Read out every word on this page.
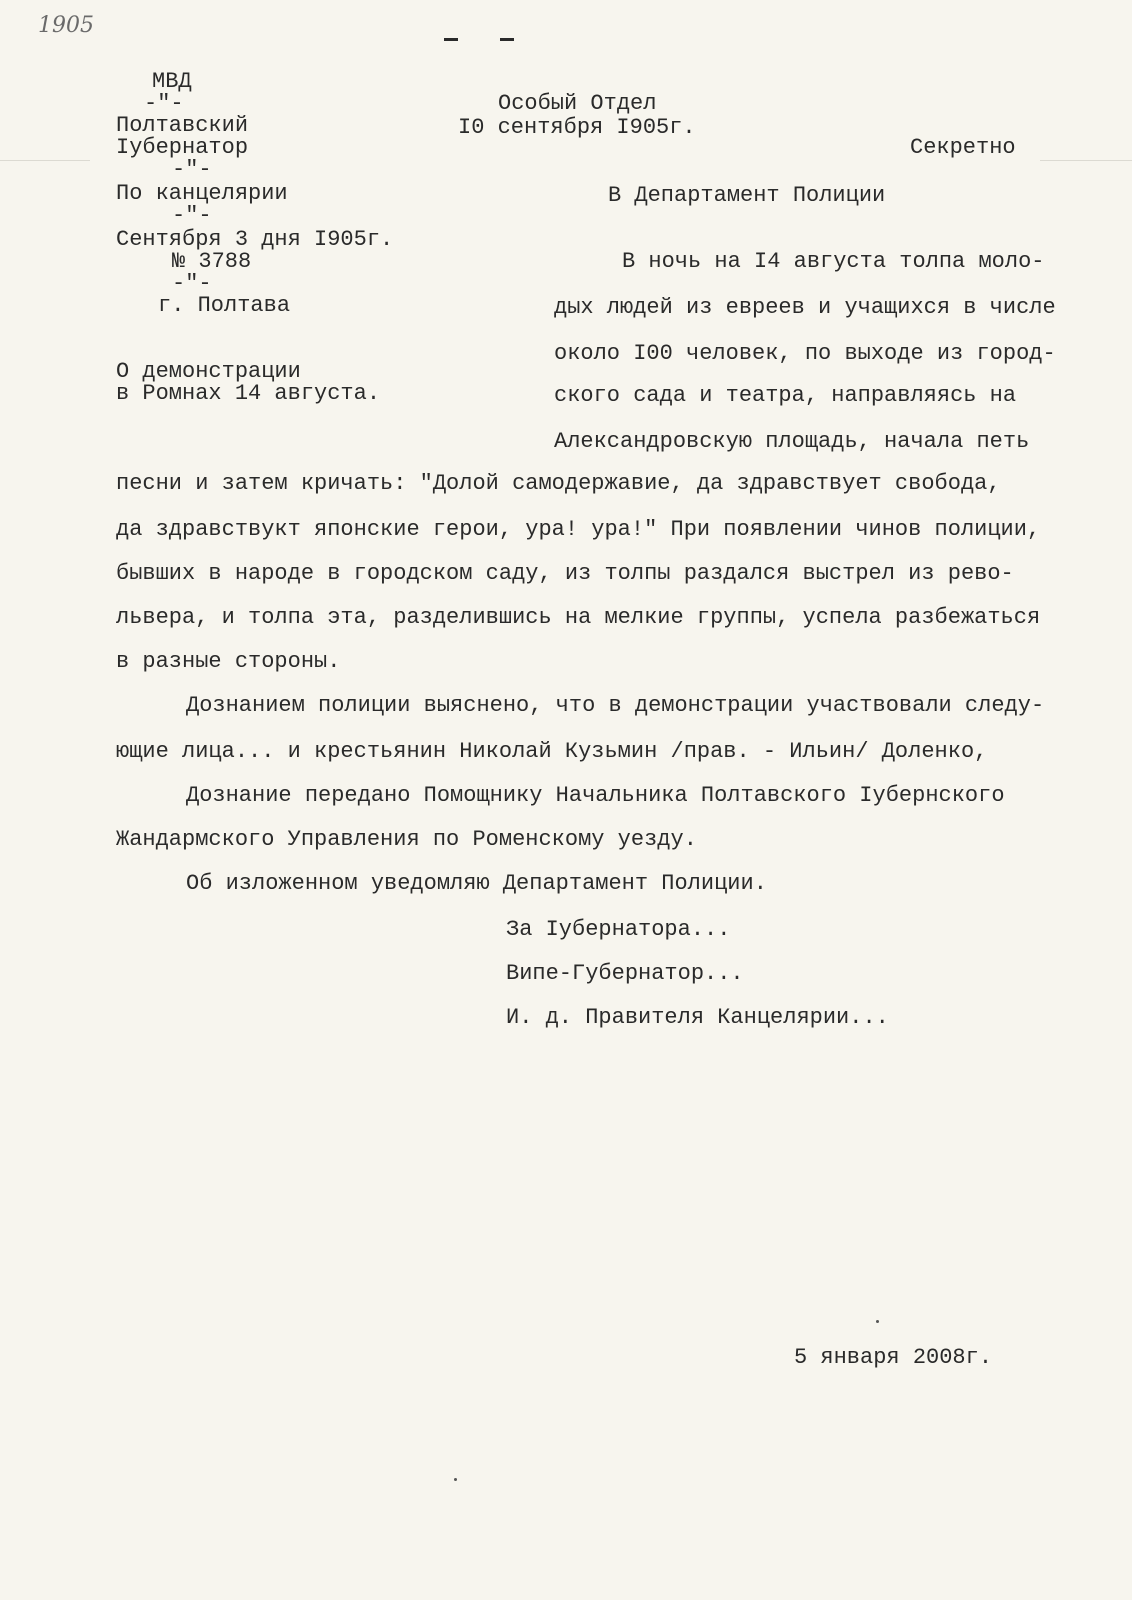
1905
МВД
-"-
Полтавский
Iубернатор
-"-
По канцелярии
-"-
Сентября 3 дня I905г.
№ 3788
-"-
г. Полтава
О демонстрации
в Ромнах 14 августа.
Особый Отдел
I0 сентября I905г.
Секретно
В Департамент Полиции
В ночь на I4 августа толпа моло-
дых людей из евреев и учащихся в числе
около I00 человек, по выходе из город-
ского сада и театра, направляясь на
Александровскую площадь, начала петь
песни и затем кричать: "Долой самодержавие, да здравствует свобода,
да здравствукт японские герои, ура! ура!" При появлении чинов полиции,
бывших в народе в городском саду, из толпы раздался выстрел из рево-
львера, и толпа эта, разделившись на мелкие группы, успела разбежаться
в разные стороны.
Дознанием полиции выяснено, что в демонстрации участвовали следу-
ющие лица... и крестьянин Николай Кузьмин /прав. - Ильин/ Доленко,
Дознание передано Помощнику Начальника Полтавского Iубернского
Жандармского Управления по Роменскому уезду.
Об изложенном уведомляю Департамент Полиции.
За Iубернатора...
Випе-Губернатор...
И. д. Правителя Канцелярии...
5 января 2008г.
